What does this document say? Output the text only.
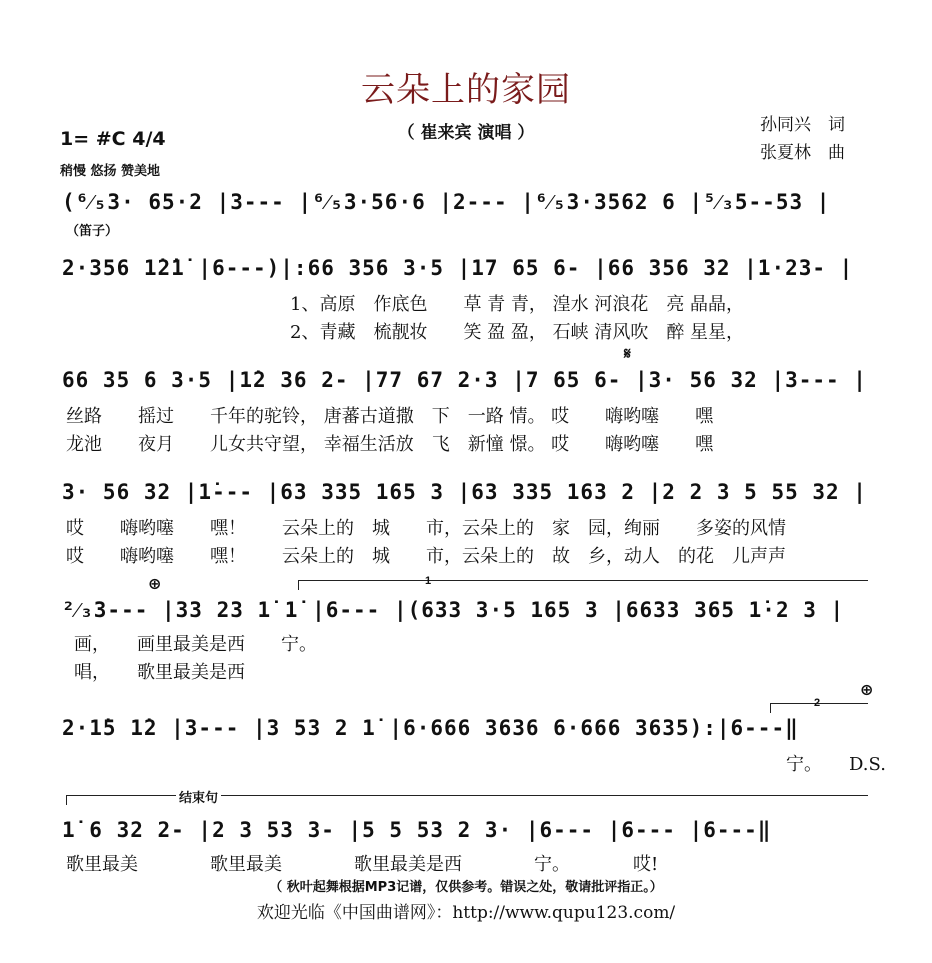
云朵上的家园
（ 崔来宾 演唱 ）	孙同兴　词
张夏林　曲
1= #C 4/4
稍慢 悠扬 赞美地
(⁶⁄₅3· 65·2 |3--- |⁶⁄₅3·56·6 |2--- |⁶⁄₅3·3562 6 |⁵⁄₃5--53 |
（笛子）
2·356 1̇2̇1̇ |6---)|:66 356 3·5 |17 65 6- |66 356 32 |1·23- |
1、高原　作底色　　草 青 青， 湟水 河浪花　亮 晶晶，
2、青藏　梳靓妆　　笑 盈 盈， 石峡 清风吹　醉 星星，
𝄋
66 35 6 3·5 |1̇2 36 2- |77 67 2·3 |7 65 6- |3· 56 32 |3--- |
丝路　　摇过　　千年的驼铃， 唐蕃古道撒　下　一路 情。 哎　　嗨哟噻　　嘿
龙池　　夜月　　儿女共守望， 幸福生活放　飞　新憧 憬。 哎　　嗨哟噻　　嘿
3· 56 32 |1̇--- |63 335 165 3 |63 335 163 2 |2 2 3 5 55 32 |
哎　　嗨哟噻　　嘿！　　云朵上的　城　　市，云朵上的　家　园，绚丽　　多姿的风情
哎　　嗨哟噻　　嘿！　　云朵上的　城　　市，云朵上的　故　乡，动人　的花　儿声声
⊕	1
²⁄₃3--- |33 23 1̇ 1̇ |6--- |(633 3·5 165 3 |6633 365 1̇·2 3 |
画，　　画里最美是西　　宁。
唱，　　歌里最美是西
2
⊕
2·1̇5 1̇2 |3--- |3 53 2 1̇ |6·666 3636 6·666 3635):|6---‖
宁。　　D.S.
结束句
1̇ 6 32 2- |2 3 53 3- |5 5 53 2 3· |6--- |6--- |6---‖
歌里最美　　　　歌里最美　　　　歌里最美是西　　　　宁。　　　　哎!
（ 秋叶起舞根据MP3记谱，仅供参考。错误之处，敬请批评指正。）
欢迎光临《中国曲谱网》：http://www.qupu123.com/
